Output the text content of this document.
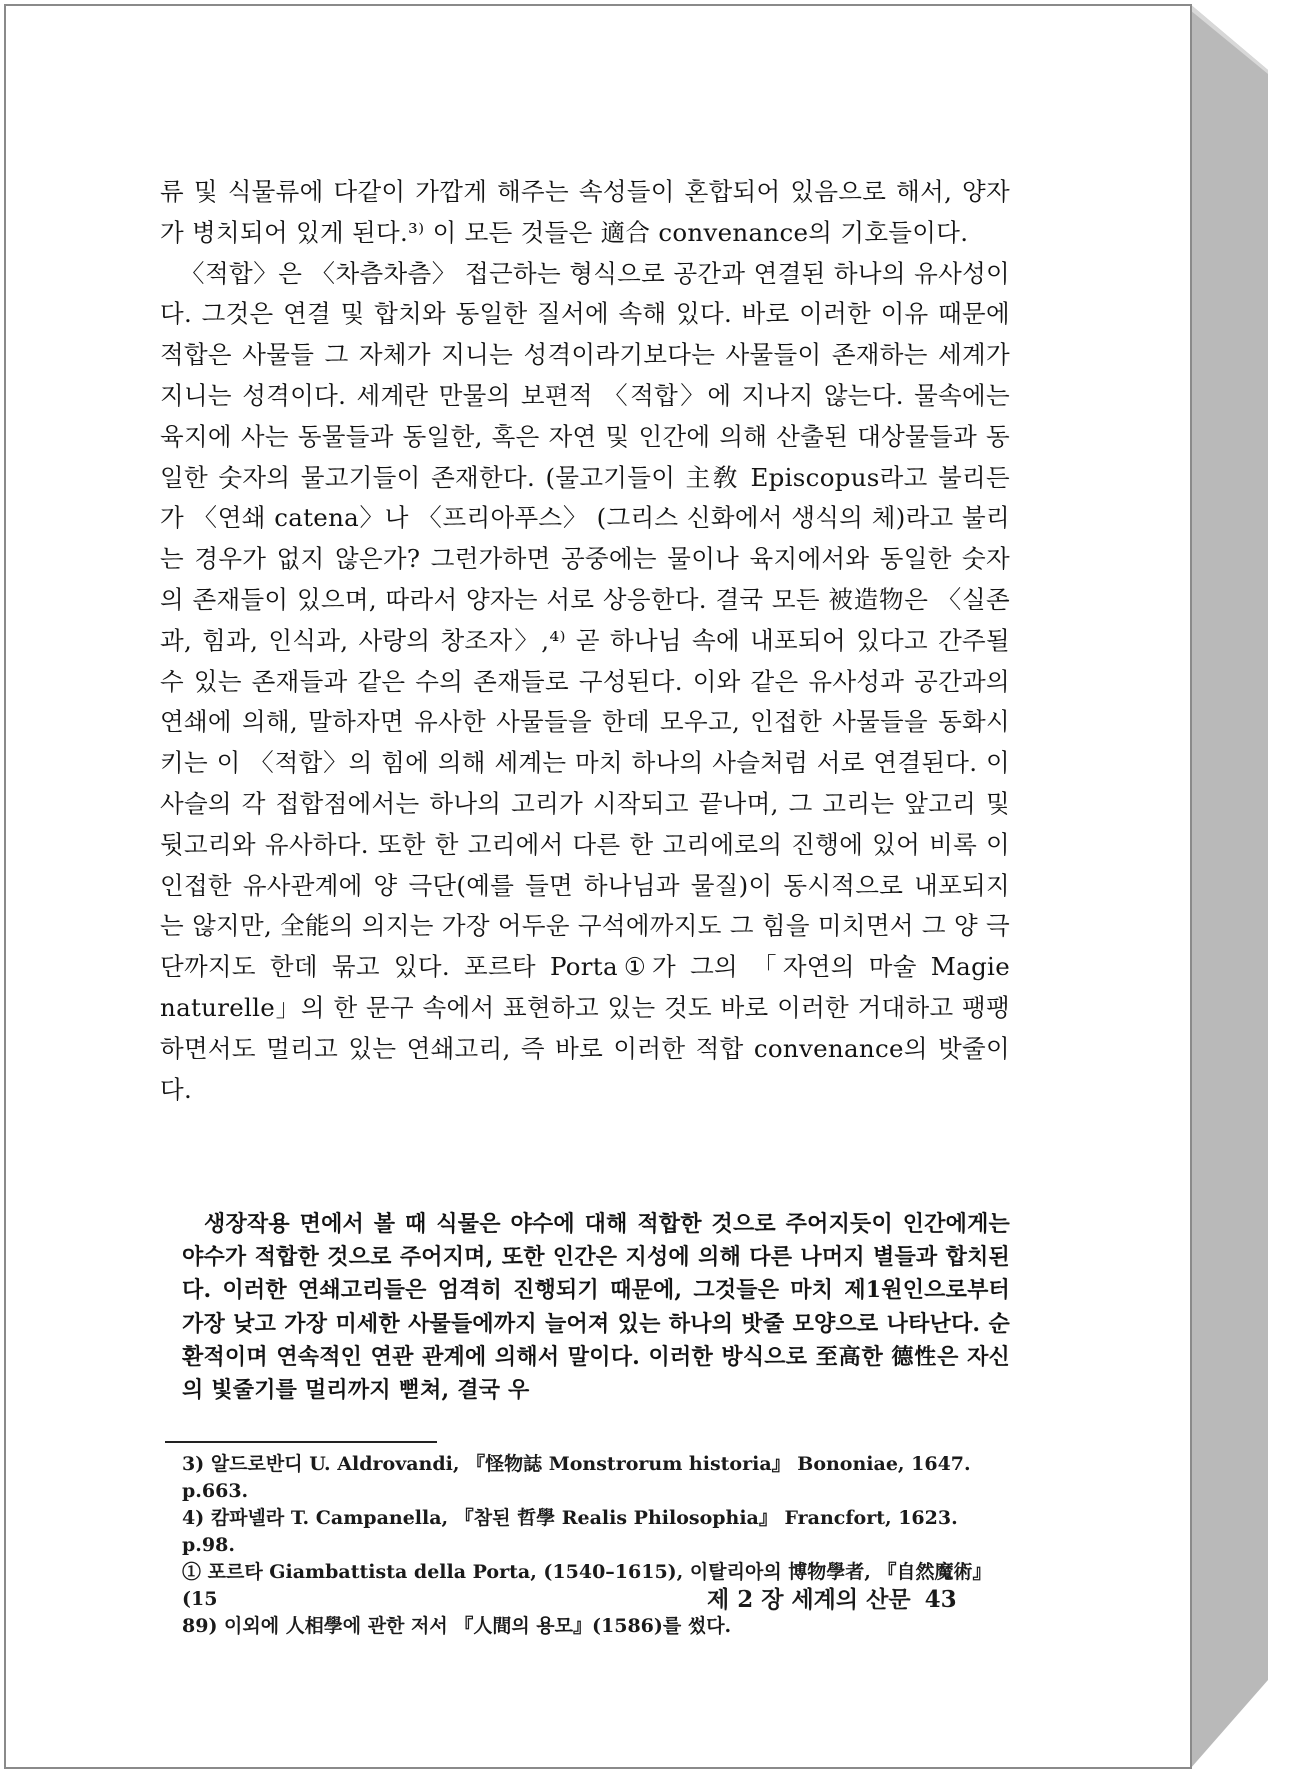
류 및 식물류에 다같이 가깝게 해주는 속성들이 혼합되어 있음으로 해서, 양자가 병치되어 있게 된다.³⁾ 이 모든 것들은 適合 convenance의 기호들이다.

〈적합〉은 〈차츰차츰〉 접근하는 형식으로 공간과 연결된 하나의 유사성이다. 그것은 연결 및 합치와 동일한 질서에 속해 있다. 바로 이러한 이유 때문에 적합은 사물들 그 자체가 지니는 성격이라기보다는 사물들이 존재하는 세계가 지니는 성격이다. 세계란 만물의 보편적 〈적합〉에 지나지 않는다. 물속에는 육지에 사는 동물들과 동일한, 혹은 자연 및 인간에 의해 산출된 대상물들과 동일한 숫자의 물고기들이 존재한다. (물고기들이 主敎 Episcopus라고 불리든가 〈연쇄 catena〉나 〈프리아푸스〉 (그리스 신화에서 생식의 체)라고 불리는 경우가 없지 않은가? 그런가하면 공중에는 물이나 육지에서와 동일한 숫자의 존재들이 있으며, 따라서 양자는 서로 상응한다. 결국 모든 被造物은 〈실존과, 힘과, 인식과, 사랑의 창조자〉,⁴⁾ 곧 하나님 속에 내포되어 있다고 간주될 수 있는 존재들과 같은 수의 존재들로 구성된다. 이와 같은 유사성과 공간과의 연쇄에 의해, 말하자면 유사한 사물들을 한데 모우고, 인접한 사물들을 동화시키는 이 〈적합〉의 힘에 의해 세계는 마치 하나의 사슬처럼 서로 연결된다. 이 사슬의 각 접합점에서는 하나의 고리가 시작되고 끝나며, 그 고리는 앞고리 및 뒷고리와 유사하다. 또한 한 고리에서 다른 한 고리에로의 진행에 있어 비록 이 인접한 유사관계에 양 극단(예를 들면 하나님과 물질)이 동시적으로 내포되지는 않지만, 全能의 의지는 가장 어두운 구석에까지도 그 힘을 미치면서 그 양 극단까지도 한데 묶고 있다. 포르타 Porta①가 그의 「자연의 마술 Magie naturelle」의 한 문구 속에서 표현하고 있는 것도 바로 이러한 거대하고 팽팽하면서도 멀리고 있는 연쇄고리, 즉 바로 이러한 적합 convenance의 밧줄이다.

생장작용 면에서 볼 때 식물은 야수에 대해 적합한 것으로 주어지듯이 인간에게는 야수가 적합한 것으로 주어지며, 또한 인간은 지성에 의해 다른 나머지 별들과 합치된다. 이러한 연쇄고리들은 엄격히 진행되기 때문에, 그것들은 마치 제1원인으로부터 가장 낮고 가장 미세한 사물들에까지 늘어져 있는 하나의 밧줄 모양으로 나타난다. 순환적이며 연속적인 연관 관계에 의해서 말이다. 이러한 방식으로 至高한 德性은 자신의 빛줄기를 멀리까지 뻗쳐, 결국 우

3) 알드로반디 U. Aldrovandi, 『怪物誌 Monstrorum historia』 Bononiae, 1647. p.663.
4) 캄파넬라 T. Campanella, 『참된 哲學 Realis Philosophia』 Francfort, 1623. p.98.
① 포르타 Giambattista della Porta, (1540–1615), 이탈리아의 博物學者, 『自然魔術』(15
89) 이외에 人相學에 관한 저서 『人間의 용모』(1586)를 썼다.
제 2 장 세계의 산문 43
